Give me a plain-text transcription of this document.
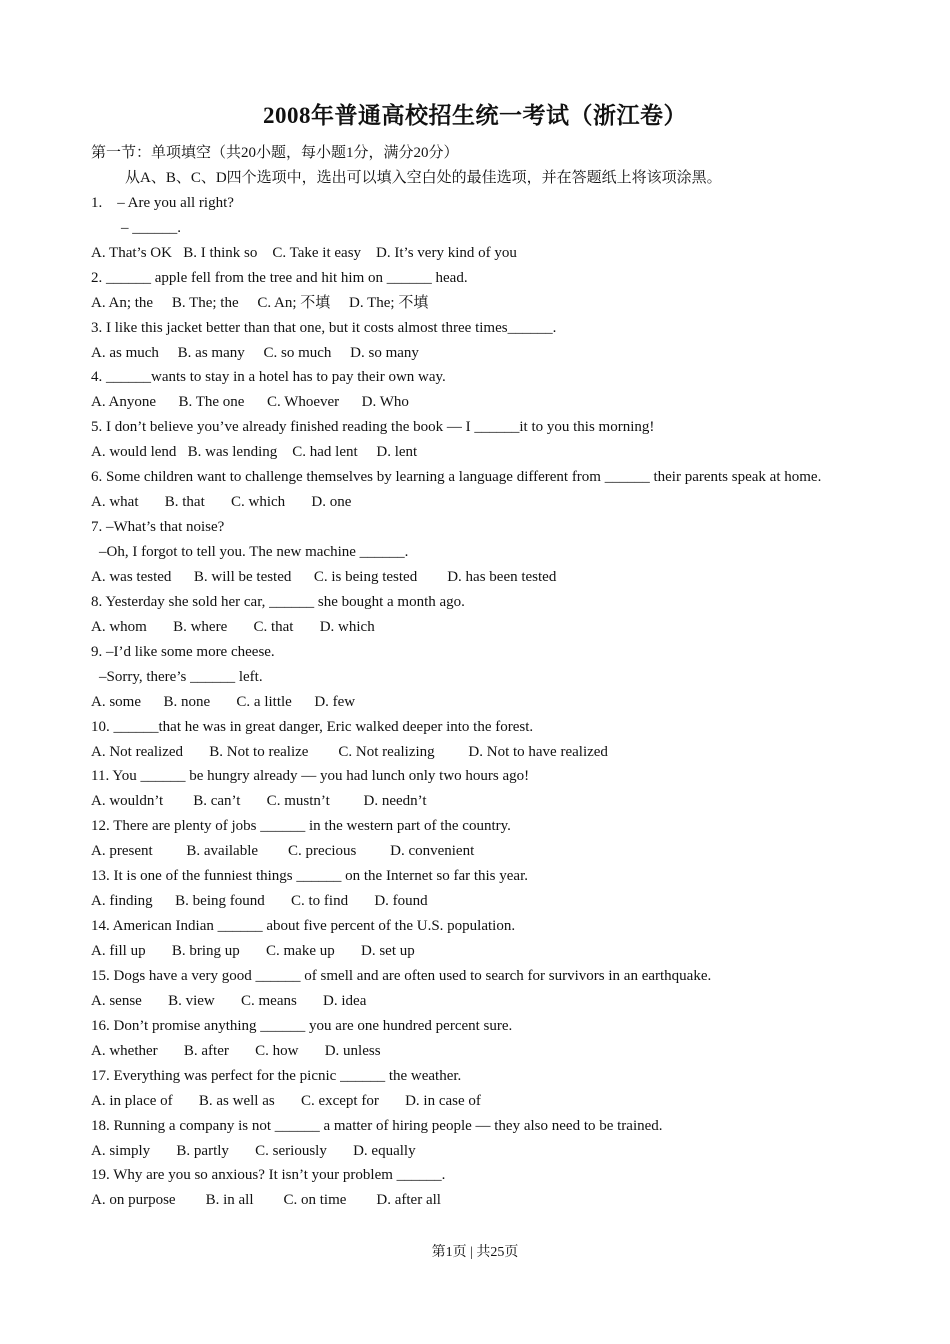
2008年普通高校招生统一考试（浙江卷）
第一节：单项填空（共20小题，每小题1分，满分20分）
从A、B、C、D四个选项中，选出可以填入空白处的最佳选项，并在答题纸上将该项涂黑。
1. – Are you all right?
– ______.
A. That’s OK   B. I think so    C. Take it easy    D. It’s very kind of you
2. ______ apple fell from the tree and hit him on ______ head.
A. An; the     B. The; the     C. An; 不填     D. The; 不填
3. I like this jacket better than that one, but it costs almost three times______.
A. as much     B. as many     C. so much     D. so many
4. ______wants to stay in a hotel has to pay their own way.
A. Anyone      B. The one      C. Whoever      D. Who
5. I don’t believe you’ve already finished reading the book — I ______it to you this morning!
A. would lend   B. was lending    C. had lent     D. lent
6. Some children want to challenge themselves by learning a language different from ______ their parents speak at home.
A. what       B. that       C. which       D. one
7. –What’s that noise?
–Oh, I forgot to tell you. The new machine ______.
A. was tested      B. will be tested      C. is being tested        D. has been tested
8. Yesterday she sold her car, ______ she bought a month ago.
A. whom       B. where       C. that       D. which
9. –I’d like some more cheese.
–Sorry, there’s ______ left.
A. some      B. none       C. a little      D. few
10. ______that he was in great danger, Eric walked deeper into the forest.
A. Not realized       B. Not to realize        C. Not realizing         D. Not to have realized
11. You ______ be hungry already — you had lunch only two hours ago!
A. wouldn’t        B. can’t       C. mustn’t         D. needn’t
12. There are plenty of jobs ______ in the western part of the country.
A. present         B. available        C. precious         D. convenient
13. It is one of the funniest things ______ on the Internet so far this year.
A. finding      B. being found       C. to find       D. found
14. American Indian ______ about five percent of the U.S. population.
A. fill up       B. bring up       C. make up       D. set up
15. Dogs have a very good ______ of smell and are often used to search for survivors in an earthquake.
A. sense       B. view       C. means       D. idea
16. Don’t promise anything ______ you are one hundred percent sure.
A. whether       B. after       C. how       D. unless
17. Everything was perfect for the picnic ______ the weather.
A. in place of       B. as well as       C. except for       D. in case of
18. Running a company is not ______ a matter of hiring people — they also need to be trained.
A. simply       B. partly       C. seriously       D. equally
19. Why are you so anxious? It isn’t your problem ______.
A. on purpose        B. in all        C. on time        D. after all
第1页 | 共25页
